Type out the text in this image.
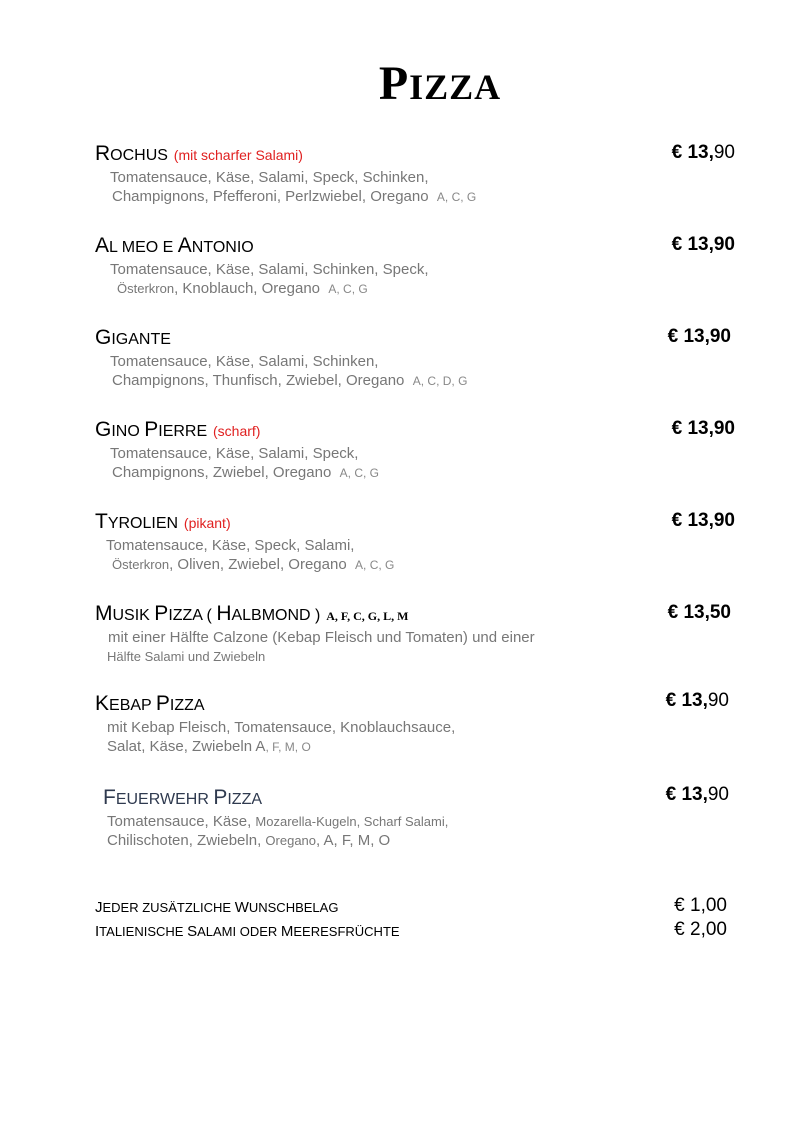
PIZZA
ROCHUS (mit scharfer Salami)
Tomatensauce, Käse, Salami, Speck, Schinken,
Champignons, Pfefferoni, Perlzwiebel, Oregano A, C, G
€ 13,90
AL MEO E ANTONIO
Tomatensauce, Käse, Salami, Schinken, Speck,
Österkron, Knoblauch, Oregano A, C, G
€ 13,90
GIGANTE
Tomatensauce, Käse, Salami, Schinken,
Champignons, Thunfisch, Zwiebel, Oregano A, C, D, G
€ 13,90
GINO PIERRE (scharf)
Tomatensauce, Käse, Salami, Speck,
Champignons, Zwiebel, Oregano A, C, G
€ 13,90
TYROLIEN (pikant)
Tomatensauce, Käse, Speck, Salami,
Österkron, Oliven, Zwiebel, Oregano A, C, G
€ 13,90
MUSIK PIZZA ( HALBMOND ) A, F, C, G, L, M
mit einer Hälfte Calzone (Kebap Fleisch und Tomaten) und einer
Hälfte Salami und Zwiebeln
€ 13,50
KEBAP PIZZA
mit Kebap Fleisch, Tomatensauce, Knoblauchsauce,
Salat, Käse, Zwiebeln A, F, M, O
€ 13,90
FEUERWEHR PIZZA
Tomatensauce, Käse, Mozarella-Kugeln, Scharf Salami,
Chilischoten, Zwiebeln, Oregano, A, F, M, O
€ 13,90
JEDER ZUSÄTZLICHE WUNSCHBELAG	€ 1,00
ITALIENISCHE SALAMI ODER MEERESFRÜCHTE	€ 2,00
